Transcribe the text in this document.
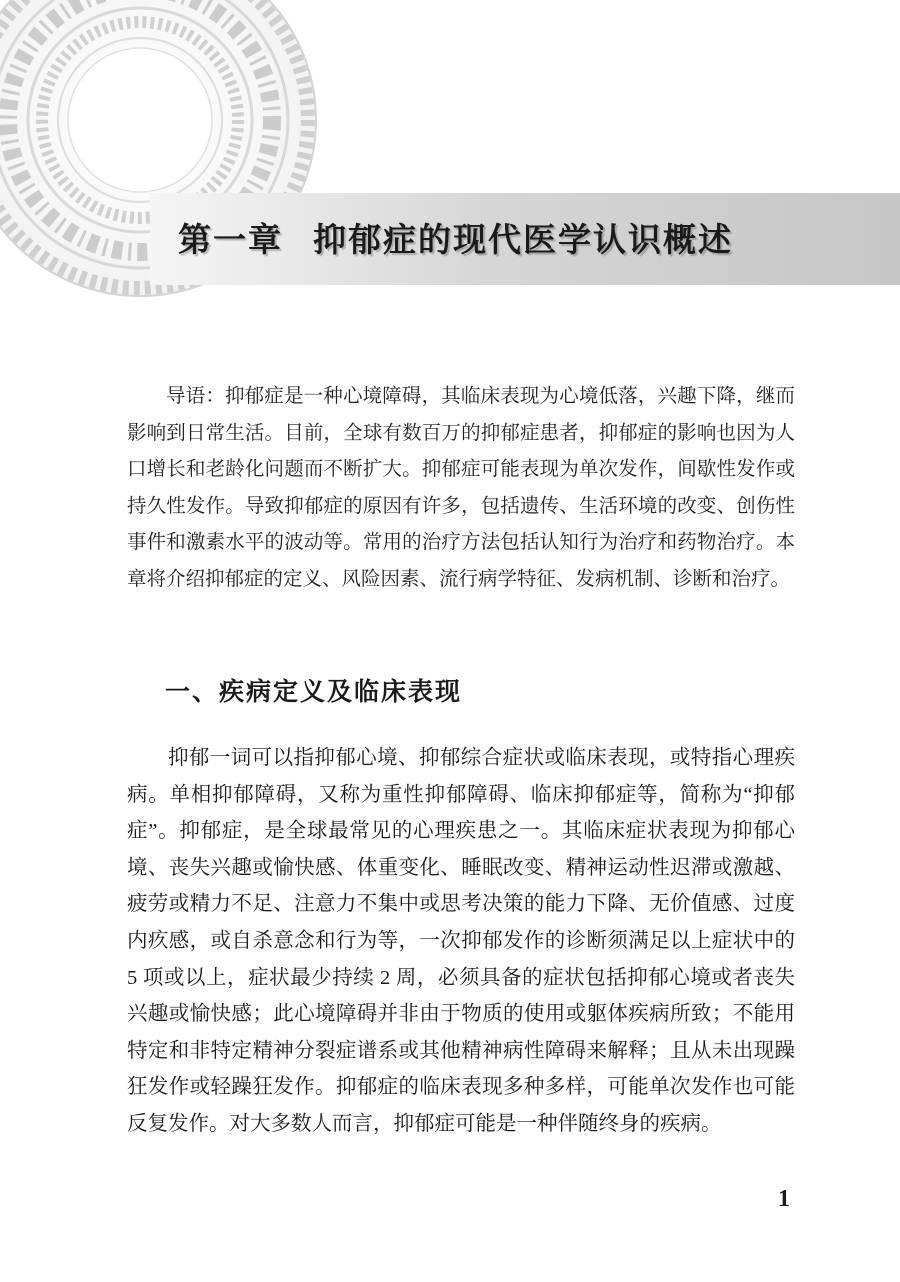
第一章 抑郁症的现代医学认识概述

导语：抑郁症是一种心境障碍，其临床表现为心境低落，兴趣下降，继而影响到日常生活。目前，全球有数百万的抑郁症患者，抑郁症的影响也因为人口增长和老龄化问题而不断扩大。抑郁症可能表现为单次发作，间歇性发作或持久性发作。导致抑郁症的原因有许多，包括遗传、生活环境的改变、创伤性事件和激素水平的波动等。常用的治疗方法包括认知行为治疗和药物治疗。本章将介绍抑郁症的定义、风险因素、流行病学特征、发病机制、诊断和治疗。

一、疾病定义及临床表现

抑郁一词可以指抑郁心境、抑郁综合症状或临床表现，或特指心理疾病。单相抑郁障碍，又称为重性抑郁障碍、临床抑郁症等，简称为“抑郁症”。抑郁症，是全球最常见的心理疾患之一。其临床症状表现为抑郁心境、丧失兴趣或愉快感、体重变化、睡眠改变、精神运动性迟滞或激越、疲劳或精力不足、注意力不集中或思考决策的能力下降、无价值感、过度内疚感，或自杀意念和行为等，一次抑郁发作的诊断须满足以上症状中的 5 项或以上，症状最少持续 2 周，必须具备的症状包括抑郁心境或者丧失兴趣或愉快感；此心境障碍并非由于物质的使用或躯体疾病所致；不能用特定和非特定精神分裂症谱系或其他精神病性障碍来解释；且从未出现躁狂发作或轻躁狂发作。抑郁症的临床表现多种多样，可能单次发作也可能反复发作。对大多数人而言，抑郁症可能是一种伴随终身的疾病。

1
